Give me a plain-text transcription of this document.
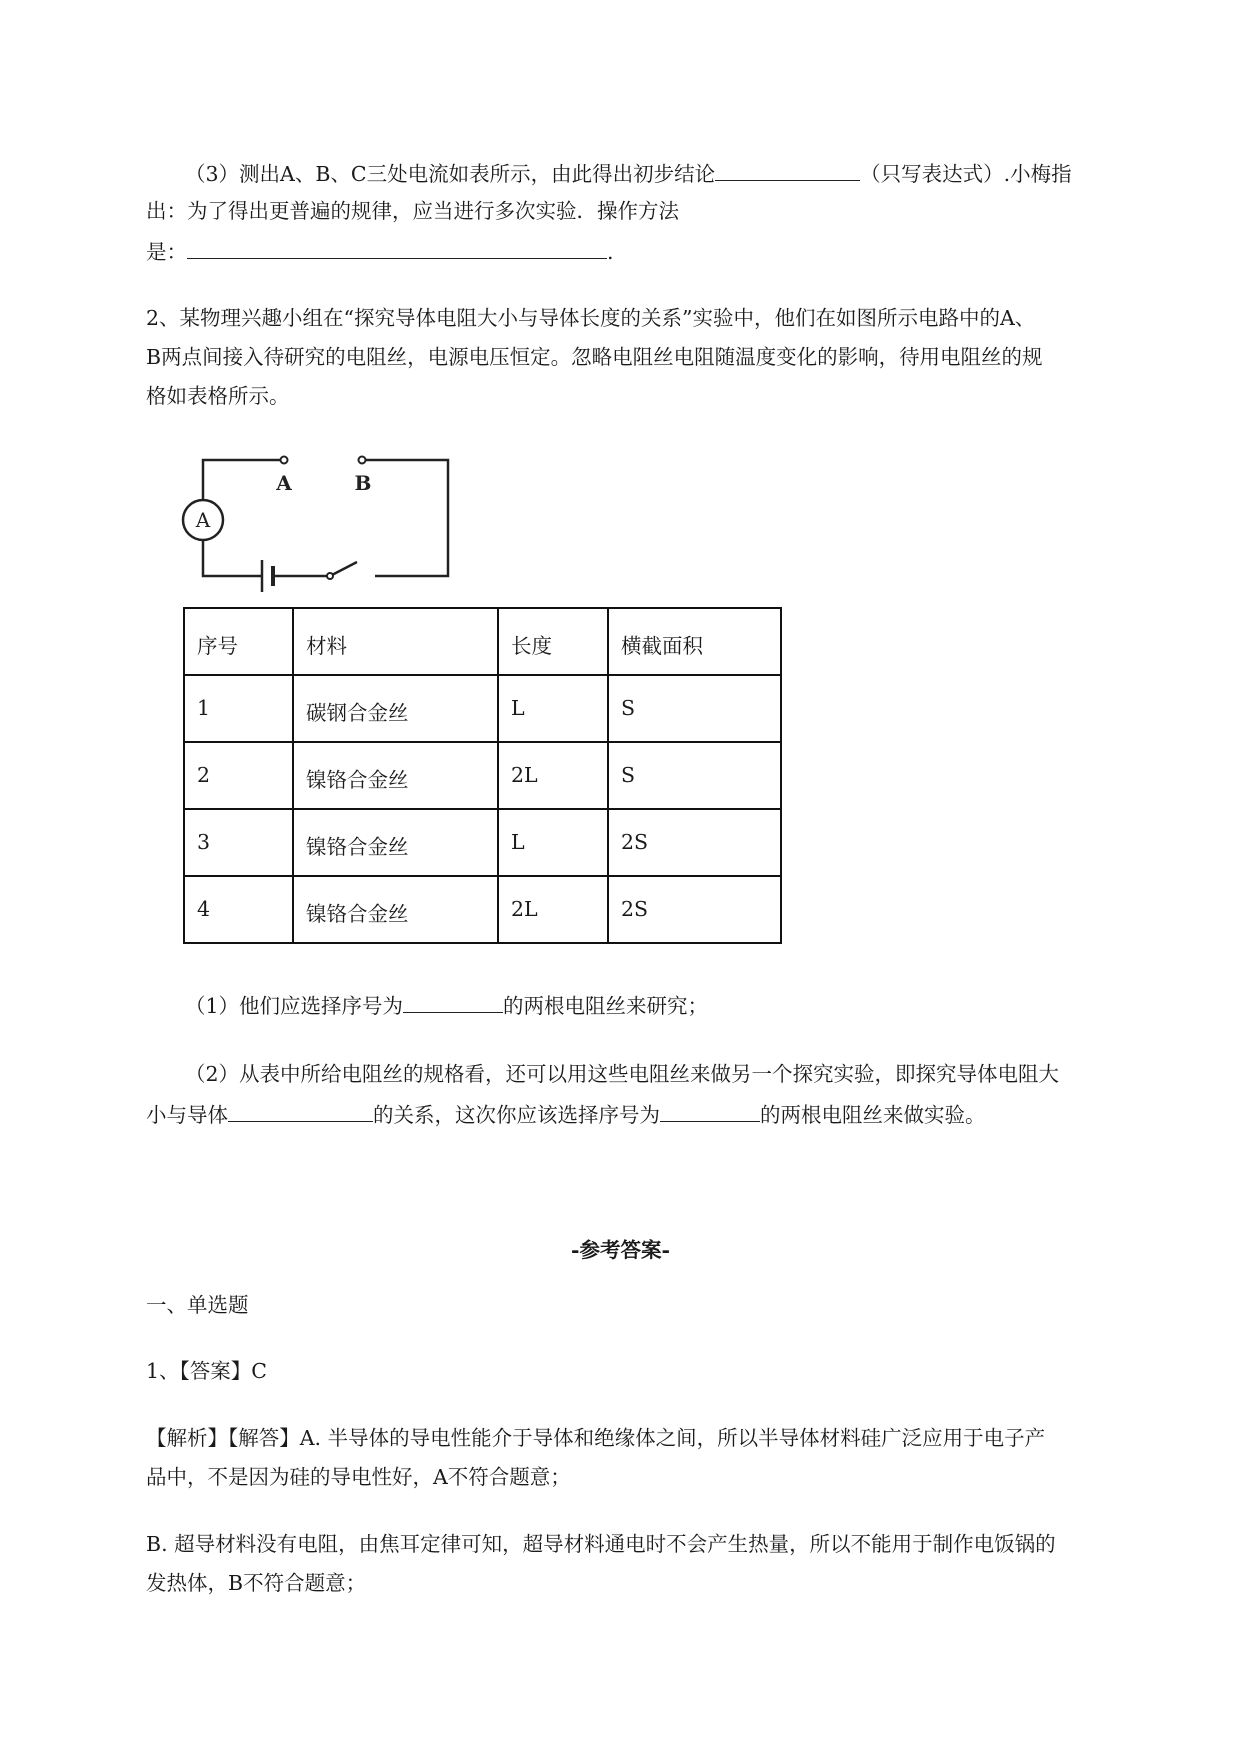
（3）测出A、B、C三处电流如表所示，由此得出初步结论	（只写表达式）.小梅指
出：为了得出更普遍的规律，应当进行多次实验．操作方法
是：	.
2、某物理兴趣小组在“探究导体电阻大小与导体长度的关系”实验中，他们在如图所示电路中的A、
B两点间接入待研究的电阻丝，电源电压恒定。忽略电阻丝电阻随温度变化的影响，待用电阻丝的规
格如表格所示。
A
A	B
序号	材料	长度	横截面积
1	碳钢合金丝	L	S
2	镍铬合金丝	2L	S
3	镍铬合金丝	L	2S
4	镍铬合金丝	2L	2S
（1）他们应选择序号为	的两根电阻丝来研究；
（2）从表中所给电阻丝的规格看，还可以用这些电阻丝来做另一个探究实验，即探究导体电阻大
小与导体	的关系，这次你应该选择序号为	的两根电阻丝来做实验。
-参考答案-
一、单选题
1、【答案】C
【解析】【解答】A. 半导体的导电性能介于导体和绝缘体之间，所以半导体材料硅广泛应用于电子产
品中，不是因为硅的导电性好，A不符合题意；
B. 超导材料没有电阻，由焦耳定律可知，超导材料通电时不会产生热量，所以不能用于制作电饭锅的
发热体，B不符合题意；
